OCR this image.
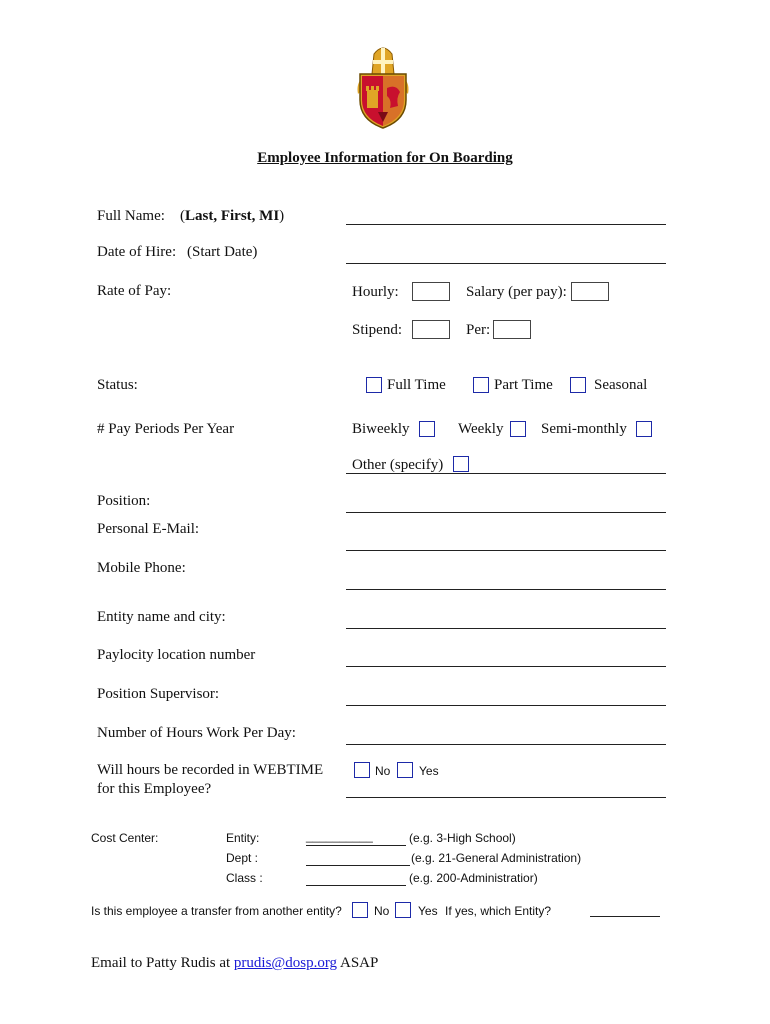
Employee Information for On Boarding
Full Name: (Last, First, MI)
Date of Hire: (Start Date)
Rate of Pay:	Hourly:	Salary (per pay):
Stipend:	Per:
Status:	Full Time	Part Time	Seasonal
# Pay Periods Per Year	Biweekly	Weekly	Semi-monthly
Other (specify)
Position:
Personal E-Mail:
Mobile Phone:
Entity name and city:
Paylocity location number
Position Supervisor:
Number of Hours Work Per Day:
Will hours be recorded in WEBTIME
for this Employee?
No Yes
Cost Center:	Entity:	__________	(e.g. 3-High School)
Dept :	(e.g. 21-General Administration)
Class :	(e.g. 200-Administratior)
Is this employee a transfer from another entity?	No Yes If yes, which Entity?
Email to Patty Rudis at prudis@dosp.org ASAP
